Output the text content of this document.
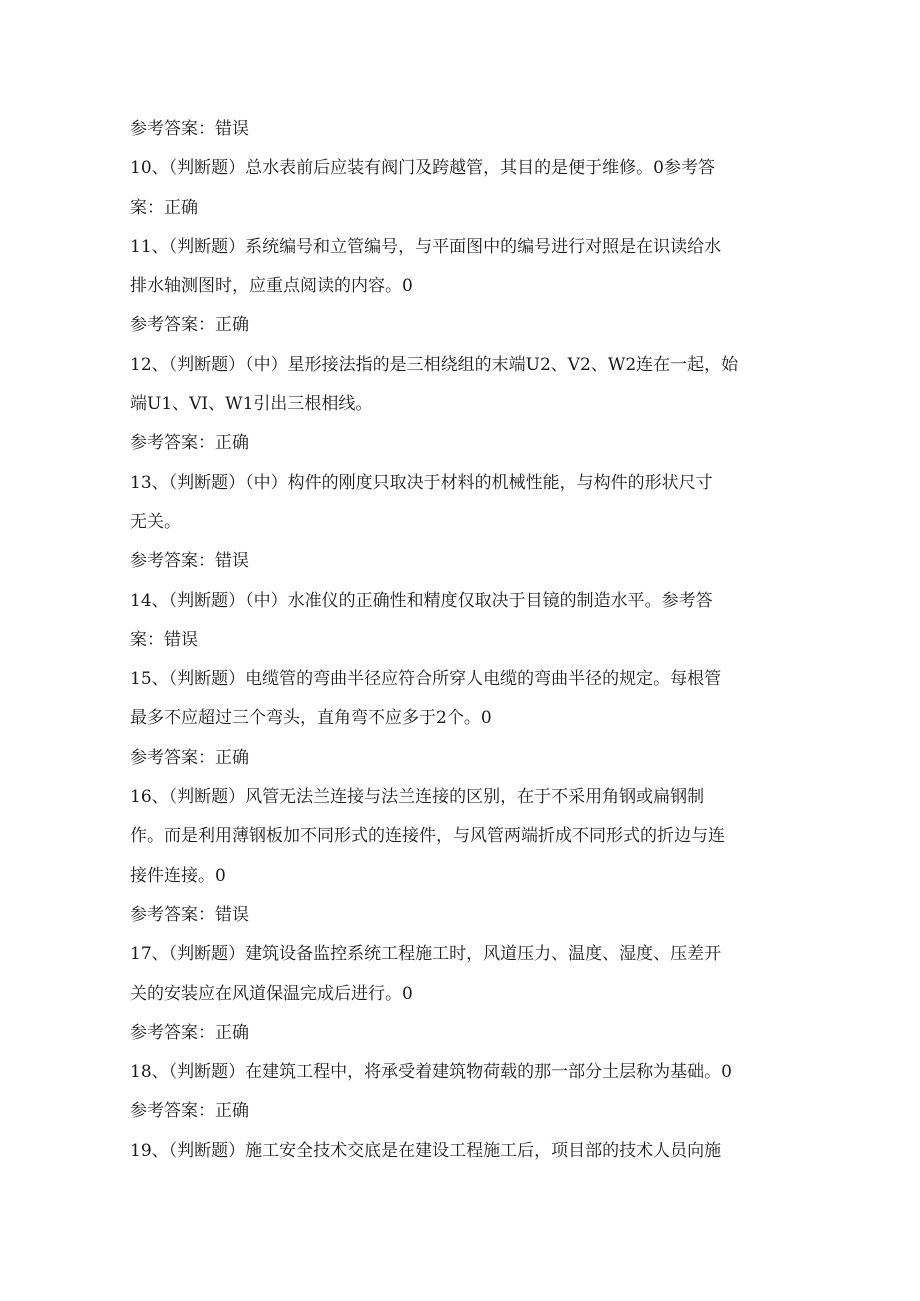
参考答案：错误

10、（判断题）总水表前后应装有阀门及跨越管，其目的是便于维修。0参考答

案：正确

11、（判断题）系统编号和立管编号，与平面图中的编号进行对照是在识读给水

排水轴测图时，应重点阅读的内容。0

参考答案：正确

12、（判断题）（中）星形接法指的是三相绕组的末端U2、V2、W2连在一起，始

端U1、VI、W1引出三根相线。

参考答案：正确

13、（判断题）（中）构件的刚度只取决于材料的机械性能，与构件的形状尺寸

无关。

参考答案：错误

14、（判断题）（中）水准仪的正确性和精度仅取决于目镜的制造水平。参考答

案：错误

15、（判断题）电缆管的弯曲半径应符合所穿人电缆的弯曲半径的规定。每根管

最多不应超过三个弯头，直角弯不应多于2个。0

参考答案：正确

16、（判断题）风管无法兰连接与法兰连接的区别，在于不采用角钢或扁钢制

作。而是利用薄钢板加不同形式的连接件，与风管两端折成不同形式的折边与连

接件连接。0

参考答案：错误

17、（判断题）建筑设备监控系统工程施工时，风道压力、温度、湿度、压差开

关的安装应在风道保温完成后进行。0

参考答案：正确

18、（判断题）在建筑工程中，将承受着建筑物荷载的那一部分土层称为基础。0

参考答案：正确

19、（判断题）施工安全技术交底是在建设工程施工后，项目部的技术人员向施
